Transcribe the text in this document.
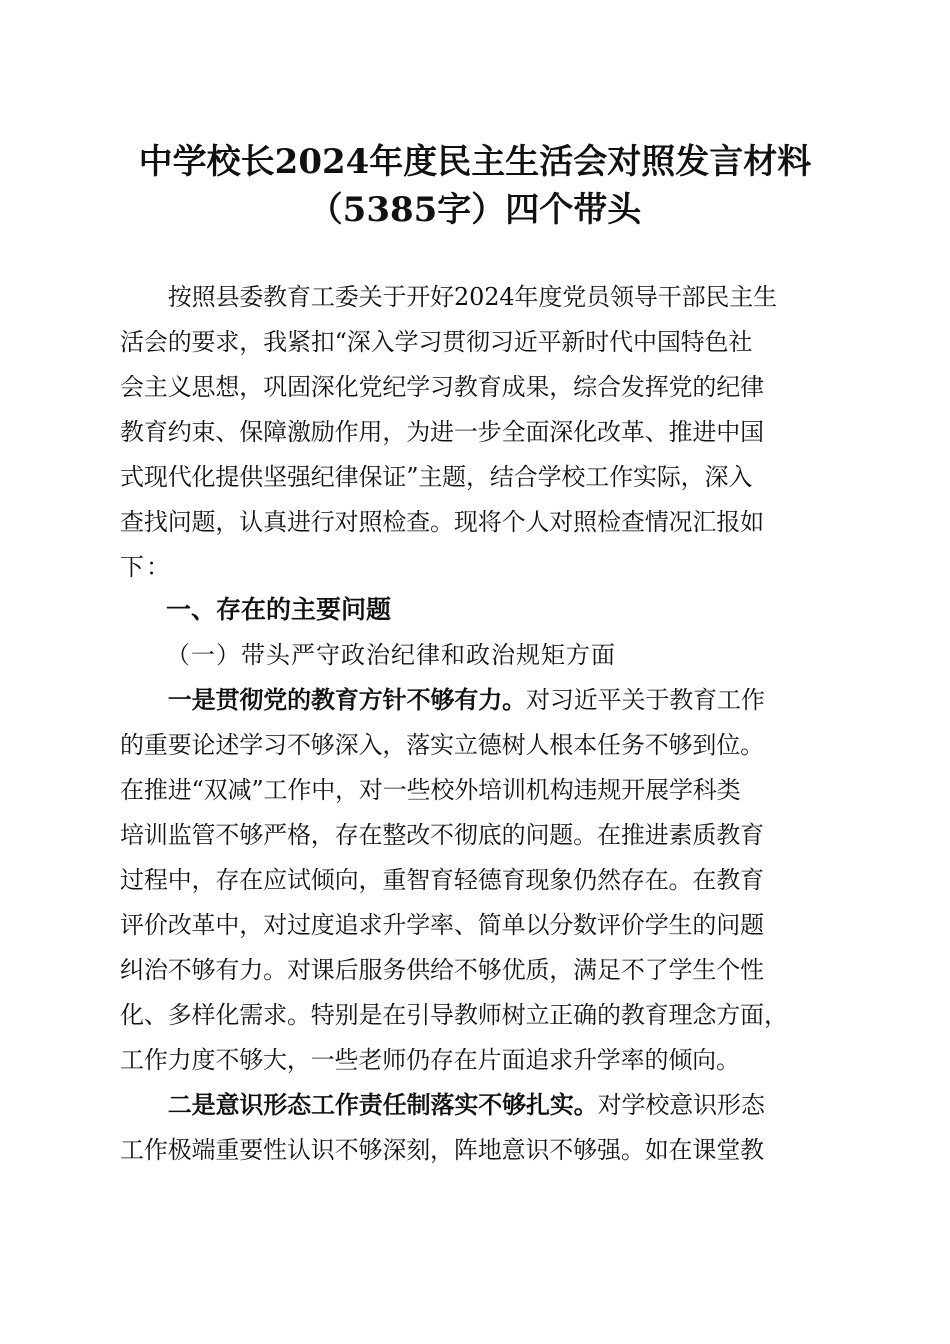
中学校长2024年度民主生活会对照发言材料
（5385字）四个带头
　　按照县委教育工委关于开好2024年度党员领导干部民主生
活会的要求，我紧扣“深入学习贯彻习近平新时代中国特色社
会主义思想，巩固深化党纪学习教育成果，综合发挥党的纪律
教育约束、保障激励作用，为进一步全面深化改革、推进中国
式现代化提供坚强纪律保证”主题，结合学校工作实际，深入
查找问题，认真进行对照检查。现将个人对照检查情况汇报如
下：
一、存在的主要问题
（一）带头严守政治纪律和政治规矩方面
　　一是贯彻党的教育方针不够有力。对习近平关于教育工作
的重要论述学习不够深入，落实立德树人根本任务不够到位。
在推进“双减”工作中，对一些校外培训机构违规开展学科类
培训监管不够严格，存在整改不彻底的问题。在推进素质教育
过程中，存在应试倾向，重智育轻德育现象仍然存在。在教育
评价改革中，对过度追求升学率、简单以分数评价学生的问题
纠治不够有力。对课后服务供给不够优质，满足不了学生个性
化、多样化需求。特别是在引导教师树立正确的教育理念方面，
工作力度不够大，一些老师仍存在片面追求升学率的倾向。
　　二是意识形态工作责任制落实不够扎实。对学校意识形态
工作极端重要性认识不够深刻，阵地意识不够强。如在课堂教
